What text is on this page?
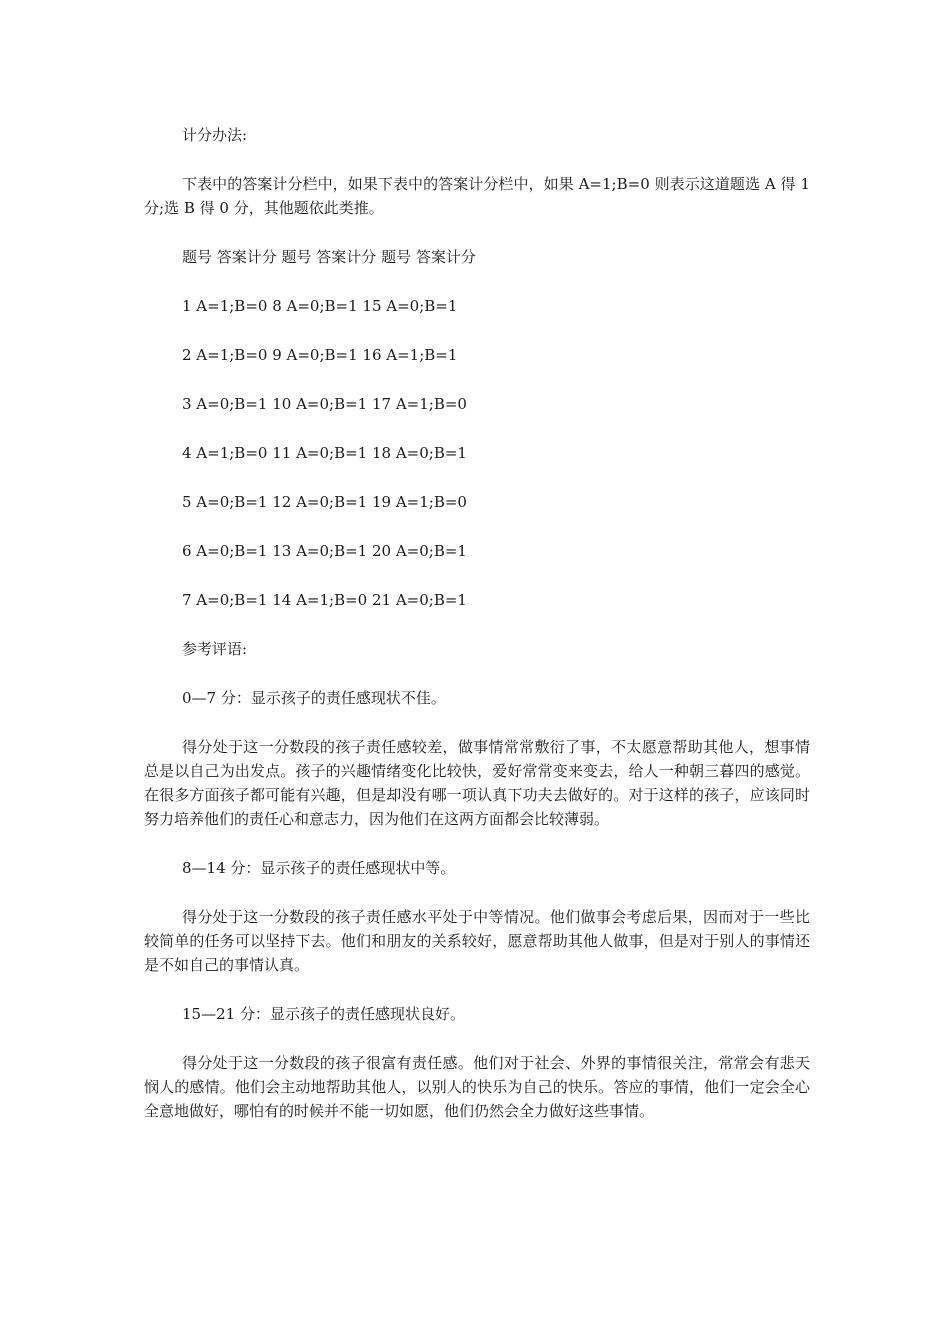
计分办法:

下表中的答案计分栏中，如果下表中的答案计分栏中，如果 A=1;B=0 则表示这道题选 A 得 1 分;选 B 得 0 分，其他题依此类推。

题号 答案计分 题号 答案计分 题号 答案计分

1 A=1;B=0 8 A=0;B=1 15 A=0;B=1

2 A=1;B=0 9 A=0;B=1 16 A=1;B=1

3 A=0;B=1 10 A=0;B=1 17 A=1;B=0

4 A=1;B=0 11 A=0;B=1 18 A=0;B=1

5 A=0;B=1 12 A=0;B=1 19 A=1;B=0

6 A=0;B=1 13 A=0;B=1 20 A=0;B=1

7 A=0;B=1 14 A=1;B=0 21 A=0;B=1

参考评语:

0—7 分：显示孩子的责任感现状不佳。

得分处于这一分数段的孩子责任感较差，做事情常常敷衍了事，不太愿意帮助其他人，想事情总是以自己为出发点。孩子的兴趣情绪变化比较快，爱好常常变来变去，给人一种朝三暮四的感觉。在很多方面孩子都可能有兴趣，但是却没有哪一项认真下功夫去做好的。对于这样的孩子，应该同时努力培养他们的责任心和意志力，因为他们在这两方面都会比较薄弱。

8—14 分：显示孩子的责任感现状中等。

得分处于这一分数段的孩子责任感水平处于中等情况。他们做事会考虑后果，因而对于一些比较简单的任务可以坚持下去。他们和朋友的关系较好，愿意帮助其他人做事，但是对于别人的事情还是不如自己的事情认真。

15—21 分：显示孩子的责任感现状良好。

得分处于这一分数段的孩子很富有责任感。他们对于社会、外界的事情很关注，常常会有悲天悯人的感情。他们会主动地帮助其他人，以别人的快乐为自己的快乐。答应的事情，他们一定会全心全意地做好，哪怕有的时候并不能一切如愿，他们仍然会全力做好这些事情。
